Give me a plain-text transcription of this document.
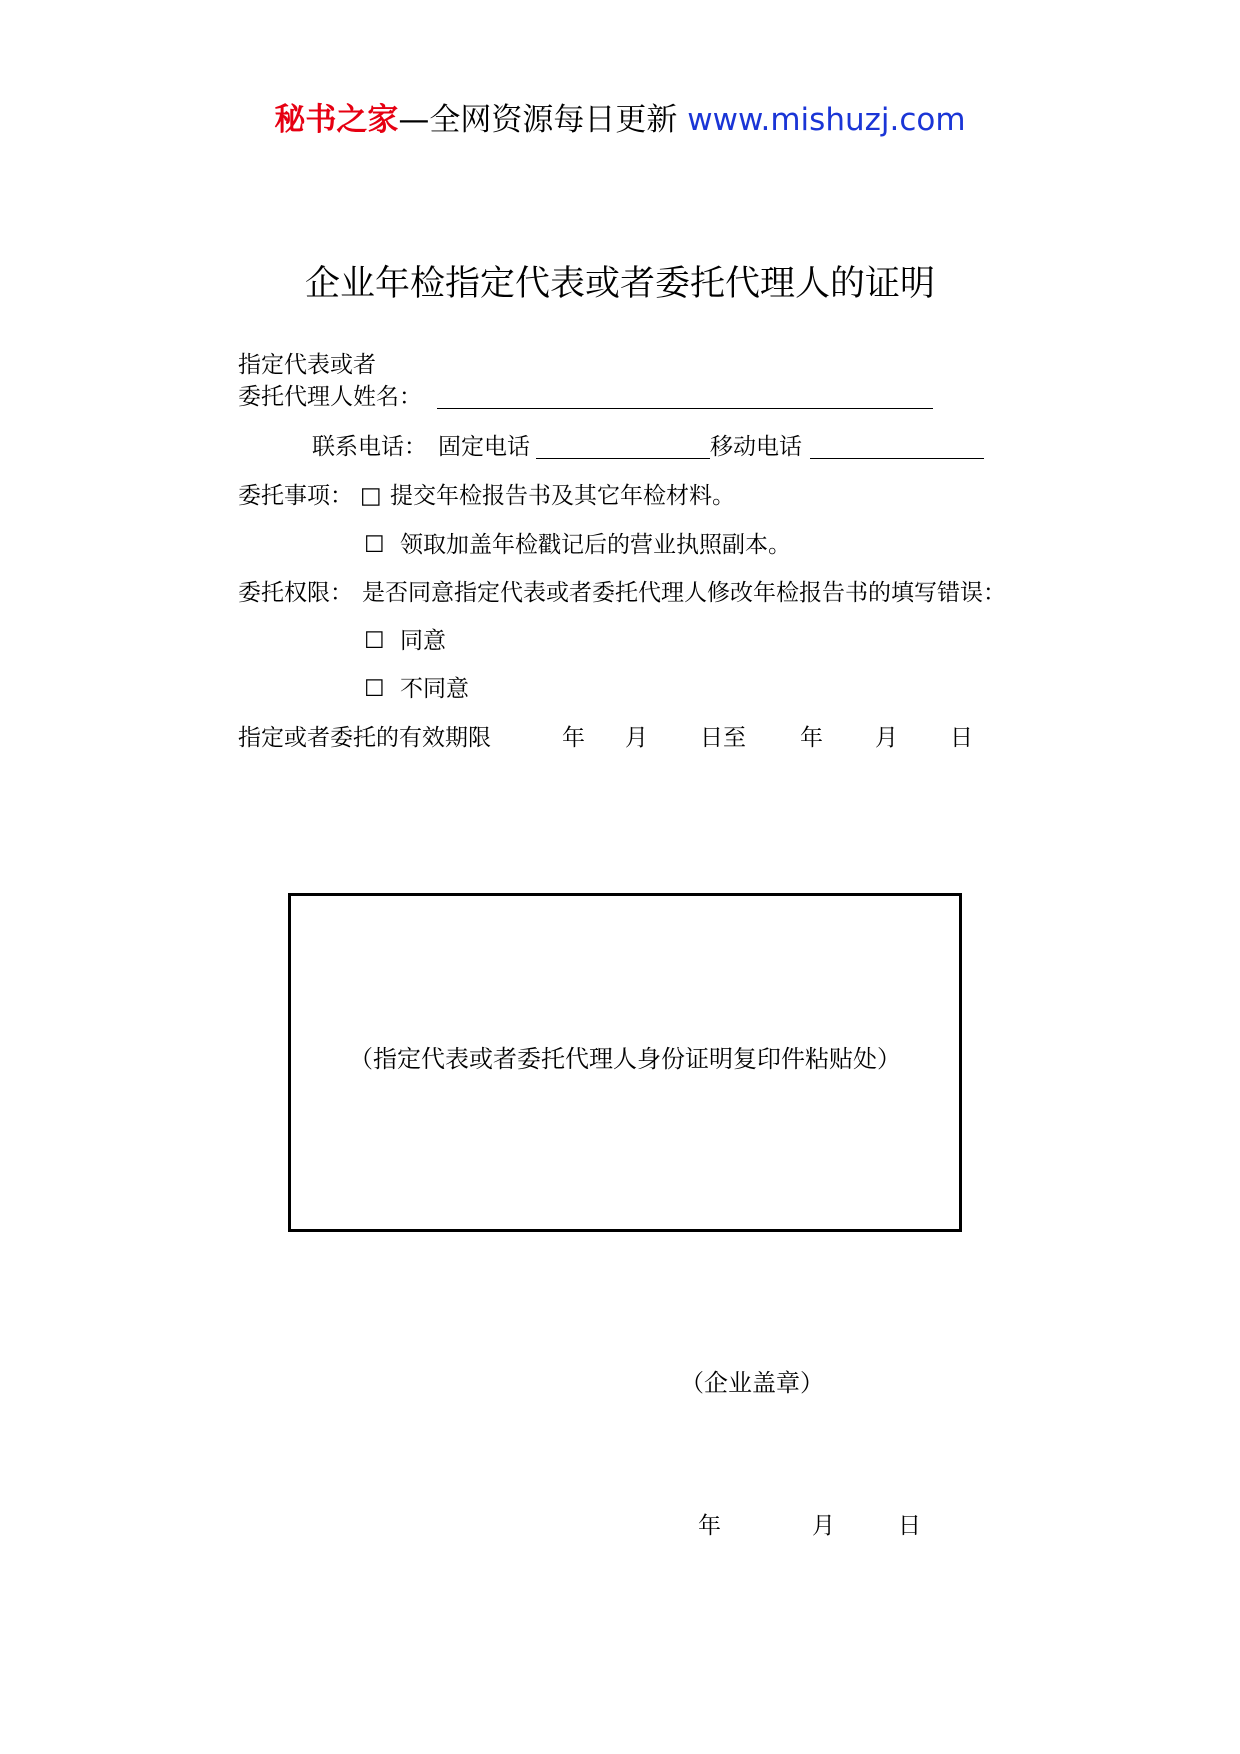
秘书之家—全网资源每日更新 www.mishuzj.com
企业年检指定代表或者委托代理人的证明
指定代表或者
委托代理人姓名：
联系电话： 固定电话	移动电话
委托事项： □ 提交年检报告书及其它年检材料。
☐ 领取加盖年检戳记后的营业执照副本。
委托权限： 是否同意指定代表或者委托代理人修改年检报告书的填写错误：
☐ 同意
☐ 不同意
指定或者委托的有效期限	年 月 日至 年 月 日
（指定代表或者委托代理人身份证明复印件粘贴处）
（企业盖章）
年	月	日
